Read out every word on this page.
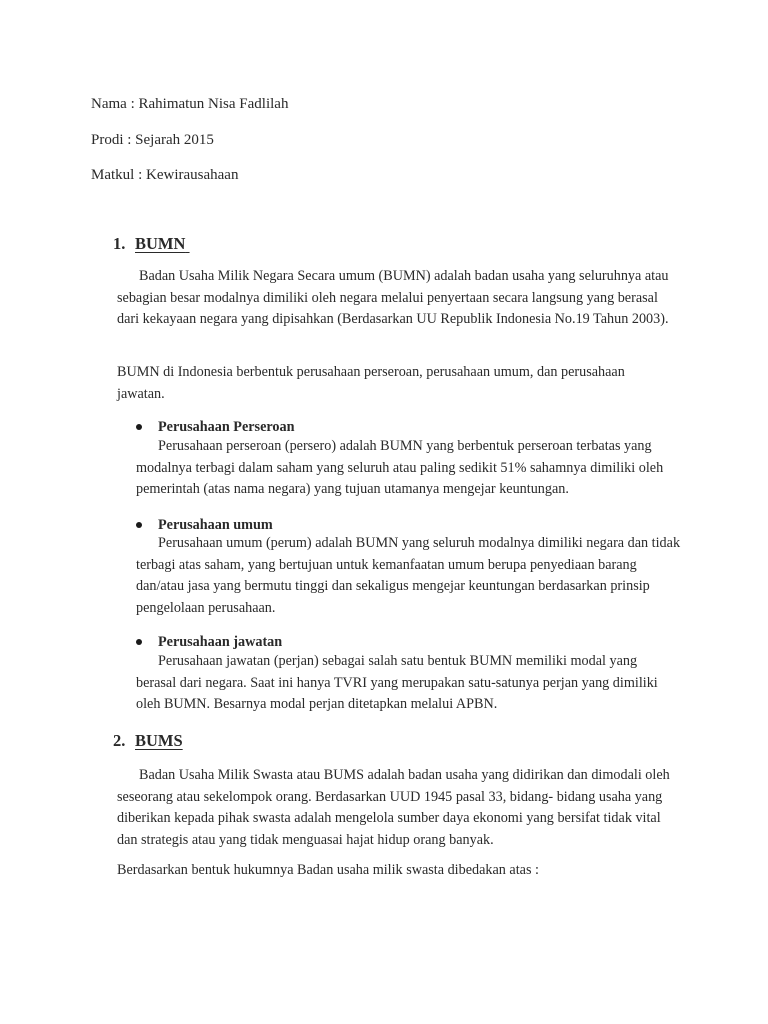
Nama : Rahimatun Nisa Fadlilah
Prodi : Sejarah 2015
Matkul : Kewirausahaan
1. BUMN

Badan Usaha Milik Negara Secara umum (BUMN) adalah badan usaha yang seluruhnya atau sebagian besar modalnya dimiliki oleh negara melalui penyertaan secara langsung yang berasal dari kekayaan negara yang dipisahkan (Berdasarkan UU Republik Indonesia No.19 Tahun 2003).

BUMN di Indonesia berbentuk perusahaan perseroan, perusahaan umum, dan perusahaan jawatan.

Perusahaan Perseroan

Perusahaan perseroan (persero) adalah BUMN yang berbentuk perseroan terbatas yang modalnya terbagi dalam saham yang seluruh atau paling sedikit 51% sahamnya dimiliki oleh pemerintah (atas nama negara) yang tujuan utamanya mengejar keuntungan.

Perusahaan umum

Perusahaan umum (perum) adalah BUMN yang seluruh modalnya dimiliki negara dan tidak terbagi atas saham, yang bertujuan untuk kemanfaatan umum berupa penyediaan barang dan/atau jasa yang bermutu tinggi dan sekaligus mengejar keuntungan berdasarkan prinsip pengelolaan perusahaan.

Perusahaan jawatan

Perusahaan jawatan (perjan) sebagai salah satu bentuk BUMN memiliki modal yang berasal dari negara. Saat ini hanya TVRI yang merupakan satu-satunya perjan yang dimiliki oleh BUMN. Besarnya modal perjan ditetapkan melalui APBN.

2. BUMS

Badan Usaha Milik Swasta atau BUMS adalah badan usaha yang didirikan dan dimodali oleh seseorang atau sekelompok orang. Berdasarkan UUD 1945 pasal 33, bidang- bidang usaha yang diberikan kepada pihak swasta adalah mengelola sumber daya ekonomi yang bersifat tidak vital dan strategis atau yang tidak menguasai hajat hidup orang banyak.

Berdasarkan bentuk hukumnya Badan usaha milik swasta dibedakan atas :
